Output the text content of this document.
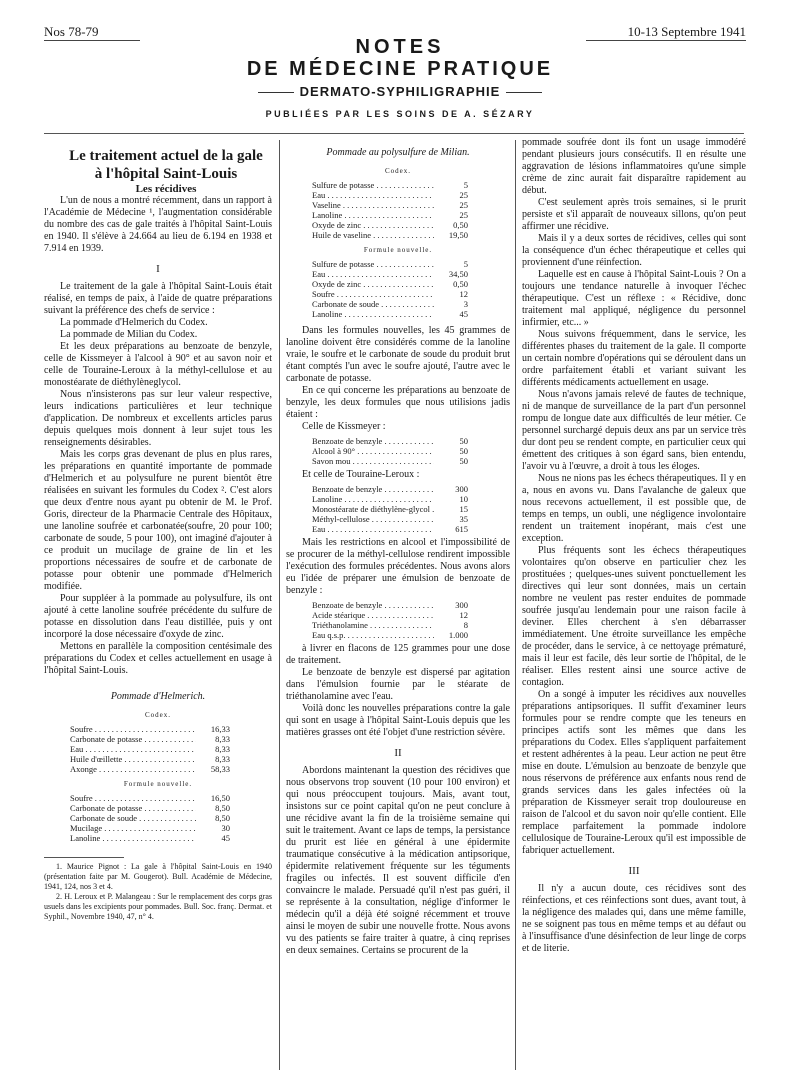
Nos 78-79	10-13 Septembre 1941
NOTES
DE MÉDECINE PRATIQUE
DERMATO-SYPHILIGRAPHIE
PUBLIÉES PAR LES SOINS DE A. SÉZARY

Le traitement actuel de la gale

à l'hôpital Saint-Louis

Les récidives

L'un de nous a montré récemment, dans un rapport à l'Académie de Médecine ¹, l'augmentation considérable du nombre des cas de gale traités à l'hôpital Saint-Louis en 1940. Il s'élève à 24.664 au lieu de 6.194 en 1938 et 7.914 en 1939.

I

Le traitement de la gale à l'hôpital Saint-Louis était réalisé, en temps de paix, à l'aide de quatre préparations suivant la préférence des chefs de service :

La pommade d'Helmerich du Codex.

La pommade de Milian du Codex.

Et les deux préparations au benzoate de benzyle, celle de Kissmeyer à l'alcool à 90° et au savon noir et celle de Touraine-Leroux à la méthyl-cellulose et au monostéarate de diéthylèneglycol.

Nous n'insisterons pas sur leur valeur respective, leurs indications particulières et leur technique d'application. De nombreux et excellents articles parus depuis quelques mois donnent à leur sujet tous les renseignements désirables.

Mais les corps gras devenant de plus en plus rares, les préparations en quantité importante de pommade d'Helmerich et au polysulfure ne purent bientôt être réalisées en suivant les formules du Codex ². C'est alors que deux d'entre nous ayant pu obtenir de M. le Prof. Goris, directeur de la Pharmacie Centrale des Hôpitaux, une lanoline soufrée et carbonatée(soufre, 20 pour 100; carbonate de soude, 5 pour 100), ont imaginé d'ajouter à ce produit un mucilage de graine de lin et les proportions nécessaires de soufre et de carbonate de potasse pour obtenir une pommade d'Helmerich modifiée.

Pour suppléer à la pommade au polysulfure, ils ont ajouté à cette lanoline soufrée précédente du sulfure de potasse en dissolution dans l'eau distillée, puis y ont incorporé la dose nécessaire d'oxyde de zinc.

Mettons en parallèle la composition centésimale des préparations du Codex et celles actuellement en usage à l'hôpital Saint-Louis.

Pommade d'Helmerich.
Codex.
Soufre . . .	16,33
Carbonate de potasse . . .	8,33
Eau . . .	8,33
Huile d'œillette . . .	8,33
Axonge . . .	58,33
Formule nouvelle.
Soufre . . .	16,50
Carbonate de potasse . . .	8,50
Carbonate de soude . . .	8,50
Mucilage . . .	30
Lanoline . . .	45

1. Maurice Pignot : La gale à l'hôpital Saint-Louis en 1940 (présentation faite par M. Gougerot). Bull. Académie de Médecine, 1941, 124, nos 3 et 4.

2. H. Leroux et P. Malangeau : Sur le remplacement des corps gras usuels dans les excipients pour pommades. Bull. Soc. franç. Dermat. et Syphil., Novembre 1940, 47, n° 4.

Pommade au polysulfure de Milian.
Codex.
Sulfure de potasse . . .	5
Eau . . .	25
Vaseline . . .	25
Lanoline . . .	25
Oxyde de zinc . . .	0,50
Huile de vaseline . . .	19,50
Formule nouvelle.
Sulfure de potasse . . .	5
Eau . . .	34,50
Oxyde de zinc . . .	0,50
Soufre . . .	12
Carbonate de soude . . .	3
Lanoline . . .	45

Dans les formules nouvelles, les 45 grammes de lanoline doivent être considérés comme de la lanoline vraie, le soufre et le carbonate de soude du produit brut étant comptés l'un avec le soufre ajouté, l'autre avec le carbonate de potasse.

En ce qui concerne les préparations au benzoate de benzyle, les deux formules que nous utilisions jadis étaient :

Celle de Kissmeyer :

Benzoate de benzyle . . .	50
Alcool à 90° . . .	50
Savon mou . . .	50

Et celle de Touraine-Leroux :

Benzoate de benzyle . . .	300
Lanoline . . .	10
Monostéarate de diéthylène-glycol . . .	15
Méthyl-cellulose . . .	35
Eau . . .	615

Mais les restrictions en alcool et l'impossibilité de se procurer de la méthyl-cellulose rendirent impossible l'exécution des formules précédentes. Nous avons alors eu l'idée de préparer une émulsion de benzoate de benzyle :

Benzoate de benzyle . . .	300
Acide stéarique . . .	12
Triéthanolamine . . .	8
Eau q.s.p. . . .	1.000

à livrer en flacons de 125 grammes pour une dose de traitement.

Le benzoate de benzyle est dispersé par agitation dans l'émulsion fournie par le stéarate de triéthanolamine avec l'eau.

Voilà donc les nouvelles préparations contre la gale qui sont en usage à l'hôpital Saint-Louis depuis que les matières grasses ont été l'objet d'une restriction sévère.

II

Abordons maintenant la question des récidives que nous observons trop souvent (10 pour 100 environ) et qui nous préoccupent toujours. Mais, avant tout, insistons sur ce point capital qu'on ne peut conclure à une récidive avant la fin de la troisième semaine qui suit le traitement. Avant ce laps de temps, la persistance du prurit est liée en général à une épidermite traumatique consécutive à la médication antipsorique, épidermite relativement fréquente sur les téguments fragiles ou infectés. Il est souvent difficile d'en convaincre le malade. Persuadé qu'il n'est pas guéri, il se représente à la consultation, néglige d'informer le médecin qu'il a déjà été soigné récemment et trouve ainsi le moyen de subir une nouvelle frotte. Nous avons vu des patients se faire traiter à quatre, à cinq reprises en deux semaines. Certains se procurent de la

pommade soufrée dont ils font un usage immodéré pendant plusieurs jours consécutifs. Il en résulte une aggravation de lésions inflammatoires qu'une simple crème de zinc aurait fait disparaître rapidement au début.

C'est seulement après trois semaines, si le prurit persiste et s'il apparaît de nouveaux sillons, qu'on peut affirmer une récidive.

Mais il y a deux sortes de récidives, celles qui sont la conséquence d'un échec thérapeutique et celles qui proviennent d'une réinfection.

Laquelle est en cause à l'hôpital Saint-Louis ? On a toujours une tendance naturelle à invoquer l'échec thérapeutique. C'est un réflexe : « Récidive, donc traitement mal appliqué, négligence du personnel infirmier, etc... »

Nous suivons fréquemment, dans le service, les différentes phases du traitement de la gale. Il comporte un certain nombre d'opérations qui se déroulent dans un ordre parfaitement établi et variant suivant les différents médicaments actuellement en usage.

Nous n'avons jamais relevé de fautes de technique, ni de manque de surveillance de la part d'un personnel rompu de longue date aux difficultés de leur métier. Ce personnel surchargé depuis deux ans par un service très dur dont peu se rendent compte, en particulier ceux qui émettent des critiques à son égard sans, bien entendu, l'avoir vu à l'œuvre, a droit à tous les éloges.

Nous ne nions pas les échecs thérapeutiques. Il y en a, nous en avons vu. Dans l'avalanche de galeux que nous recevons actuellement, il est possible que, de temps en temps, un oubli, une négligence involontaire rendent un traitement inopérant, mais c'est une exception.

Plus fréquents sont les échecs thérapeutiques volontaires qu'on observe en particulier chez les prostituées ; quelques-unes suivent ponctuellement les directives qui leur sont données, mais un certain nombre ne veulent pas rester enduites de pommade soufrée jusqu'au lendemain pour une raison facile à deviner. Elles cherchent à s'en débarrasser immédiatement. Une étroite surveillance les empêche de procéder, dans le service, à ce nettoyage prématuré, mais il leur est facile, dès leur sortie de l'hôpital, de le réaliser. Elles restent ainsi une source active de contagion.

On a songé à imputer les récidives aux nouvelles préparations antipsoriques. Il suffit d'examiner leurs formules pour se rendre compte que les teneurs en principes actifs sont les mêmes que dans les préparations du Codex. Elles s'appliquent parfaitement et restent adhérentes à la peau. Leur action ne peut être mise en doute. L'émulsion au benzoate de benzyle que nous réservons de préférence aux enfants nous rend de grands services dans les gales infectées où la préparation de Kissmeyer serait trop douloureuse en raison de l'alcool et du savon noir qu'elle contient. Elle remplace parfaitement la pommade indolore cellulosique de Touraine-Leroux qu'il est impossible de fabriquer actuellement.

III

Il n'y a aucun doute, ces récidives sont des réinfections, et ces réinfections sont dues, avant tout, à la négligence des malades qui, dans une même famille, ne se soignent pas tous en même temps et au défaut ou à l'insuffisance d'une désinfection de leur linge de corps et de literie.
